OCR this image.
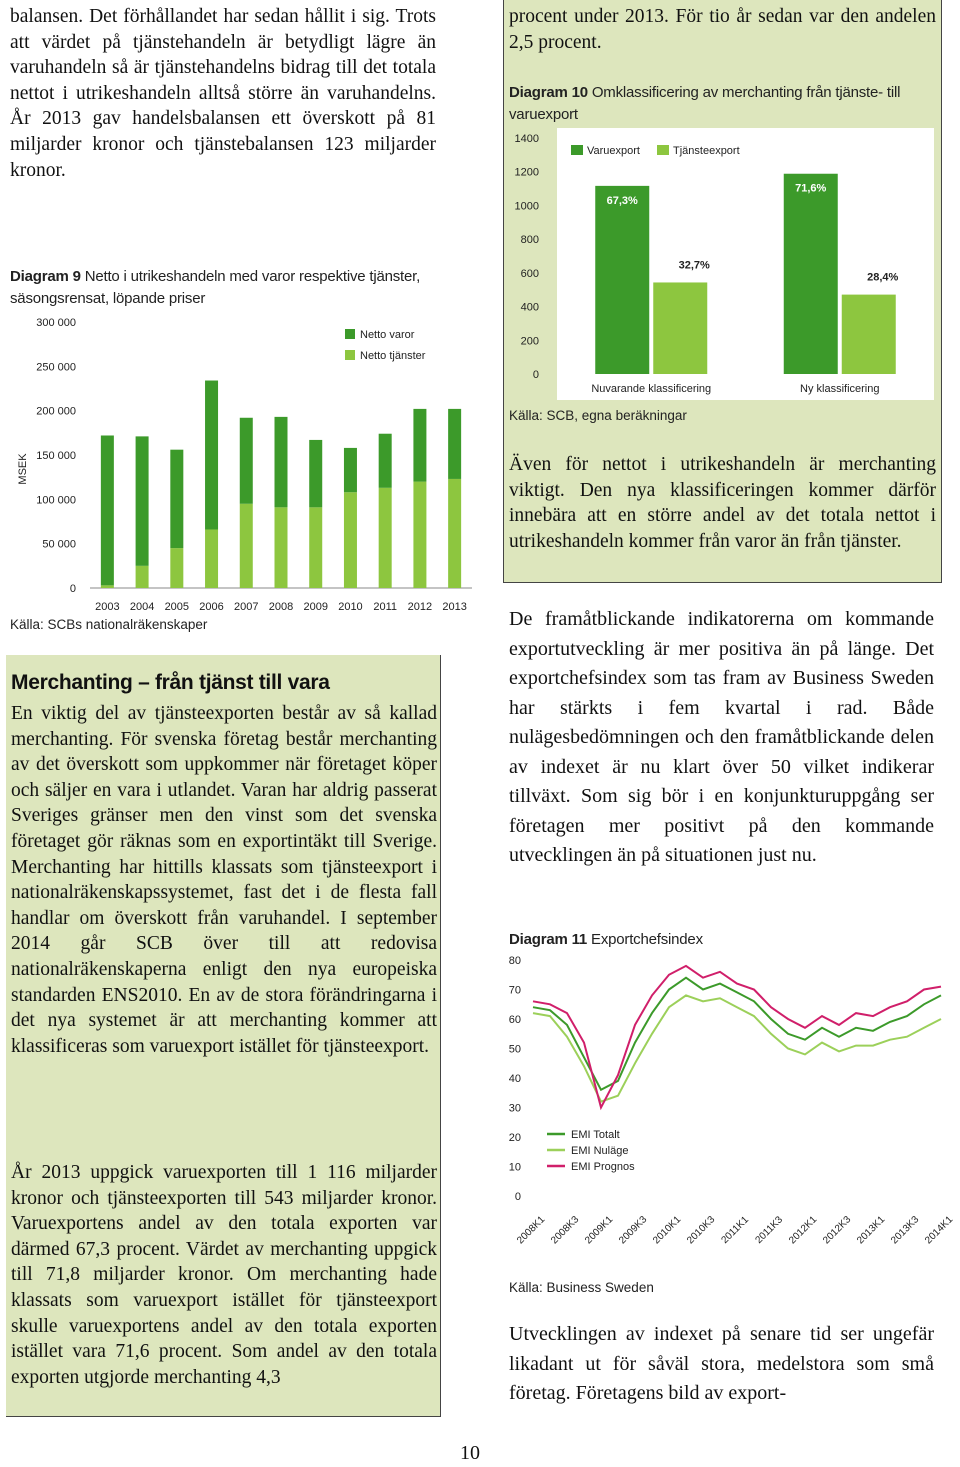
balansen. Det förhållandet har sedan hållit i sig. Trots att värdet på tjänstehandeln är betydligt lägre än varuhandeln så är tjänstehandelns bidrag till det totala nettot i utrikeshandeln alltså större än varuhandelns. År 2013 gav handelsbalansen ett överskott på 81 miljarder kronor och tjänstebalansen 123 miljarder kronor.

Diagram 9 Netto i utrikeshandeln med varor respektive tjänster, säsongsrensat, löpande priser
0
50 000
100 000
150 000
200 000
250 000
300 000
MSEK
2003 2004 2005 2006 2007 2008 2009 2010 2011 2012 2013
Netto varor
Netto tjänster
Källa: SCBs nationalräkenskaper
Merchanting – från tjänst till vara

En viktig del av tjänsteexporten består av så kallad merchanting. För svenska företag består merchanting av det överskott som uppkommer när företaget köper och säljer en vara i utlandet. Varan har aldrig passerat Sveriges gränser men den vinst som det svenska företaget gör räknas som en exportintäkt till Sverige. Merchanting har hittills klassats som tjänsteexport i nationalräkenskapssystemet, fast det i de flesta fall handlar om överskott från varuhandel. I september 2014 går SCB över till att redovisa nationalräkenskaperna enligt den nya europeiska standarden ENS2010. En av de stora förändringarna i det nya systemet är att merchanting kommer att klassificeras som varuexport istället för tjänsteexport.

År 2013 uppgick varuexporten till 1 116 miljarder kronor och tjänsteexporten till 543 miljarder kronor. Varuexportens andel av den totala exporten var därmed 67,3 procent. Värdet av merchanting uppgick till 71,8 miljarder kronor. Om merchanting hade klassats som varuexport istället för tjänsteexport skulle varuexportens andel av den totala exporten istället vara 71,6 procent. Som andel av den totala exporten utgjorde merchanting 4,3

procent under 2013. För tio år sedan var den andelen 2,5 procent.

Diagram 10 Omklassificering av merchanting från tjänste- till varuexport
0
200
400
600
800
1000
1200
1400
67,3%
32,7%
Nuvarande klassificering
71,6%
28,4%
Ny klassificering
Varuexport	Tjänsteexport
Källa: SCB, egna beräkningar

Även för nettot i utrikeshandeln är merchanting viktigt. Den nya klassificeringen kommer därför innebära att en större andel av det totala nettot i utrikeshandeln kommer från varor än från tjänster.

De framåtblickande indikatorerna om kommande exportutveckling är mer positiva än på länge. Det exportchefsindex som tas fram av Business Sweden har stärkts i fem kvartal i rad. Både nulägesbedömningen och den framåtblickande delen av indexet är nu klart över 50 vilket indikerar tillväxt. Som sig bör i en konjunkturuppgång ser företagen mer positivt på den kommande utvecklingen än på situationen just nu.

Diagram 11 Exportchefsindex
0
10
20
30
40
50
60
70
80
2008K1 2008K3 2009K1 2009K3 2010K1 2010K3 2011K1 2011K3 2012K1 2012K3 2013K1 2013K3 2014K1
EMI Totalt
EMI Nuläge
EMI Prognos
Källa: Business Sweden

Utvecklingen av indexet på senare tid ser ungefär likadant ut för såväl stora, medelstora som små företag. Företagens bild av export-

10
